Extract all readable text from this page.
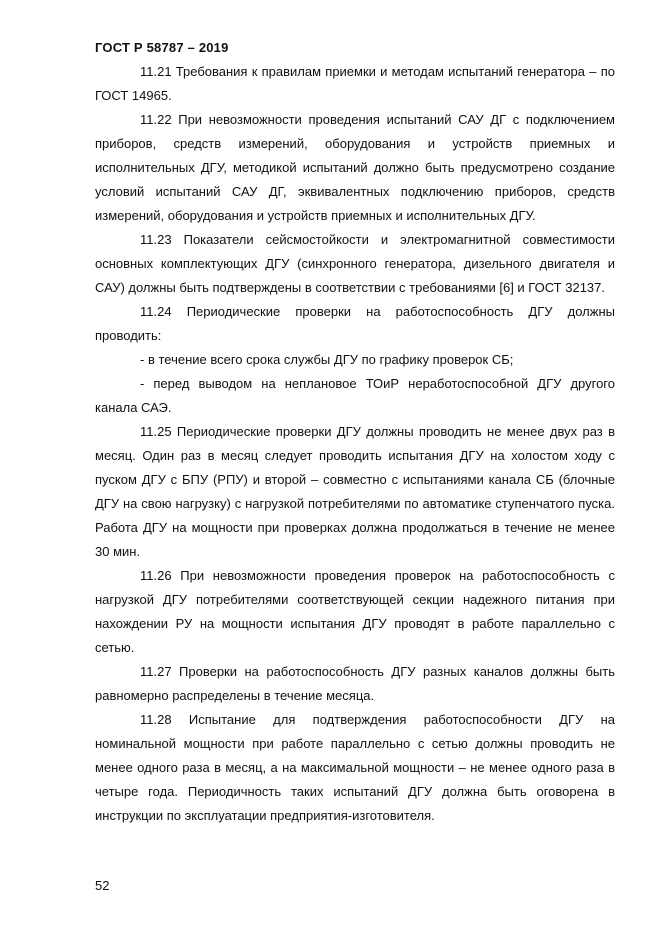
ГОСТ Р 58787 – 2019

11.21 Требования к правилам приемки и методам испытаний генератора – по ГОСТ 14965.

11.22 При невозможности проведения испытаний САУ ДГ с подключением приборов, средств измерений, оборудования и устройств приемных и исполнительных ДГУ, методикой испытаний должно быть предусмотрено создание условий испытаний САУ ДГ, эквивалентных подключению приборов, средств измерений, оборудования и устройств приемных и исполнительных ДГУ.

11.23 Показатели сейсмостойкости и электромагнитной совместимости основных комплектующих ДГУ (синхронного генератора, дизельного двигателя и САУ) должны быть подтверждены в соответствии с требованиями [6] и ГОСТ 32137.

11.24 Периодические проверки на работоспособность ДГУ должны проводить:

- в течение всего срока службы ДГУ по графику проверок СБ;

- перед выводом на неплановое ТОиР неработоспособной ДГУ другого канала САЭ.

11.25 Периодические проверки ДГУ должны проводить не менее двух раз в месяц. Один раз в месяц следует проводить испытания ДГУ на холостом ходу с пуском ДГУ с БПУ (РПУ) и второй – совместно с испытаниями канала СБ (блочные ДГУ на свою нагрузку) с нагрузкой потребителями по автоматике ступенчатого пуска. Работа ДГУ на мощности при проверках должна продолжаться в течение не менее 30 мин.

11.26 При невозможности проведения проверок на работоспособность с нагрузкой ДГУ потребителями соответствующей секции надежного питания при нахождении РУ на мощности испытания ДГУ проводят в работе параллельно с сетью.

11.27 Проверки на работоспособность ДГУ разных каналов должны быть равномерно распределены в течение месяца.

11.28 Испытание для подтверждения работоспособности ДГУ на номинальной мощности при работе параллельно с сетью должны проводить не менее одного раза в месяц, а на максимальной мощности – не менее одного раза в четыре года. Периодичность таких испытаний ДГУ должна быть оговорена в инструкции по эксплуатации предприятия-изготовителя.

52
